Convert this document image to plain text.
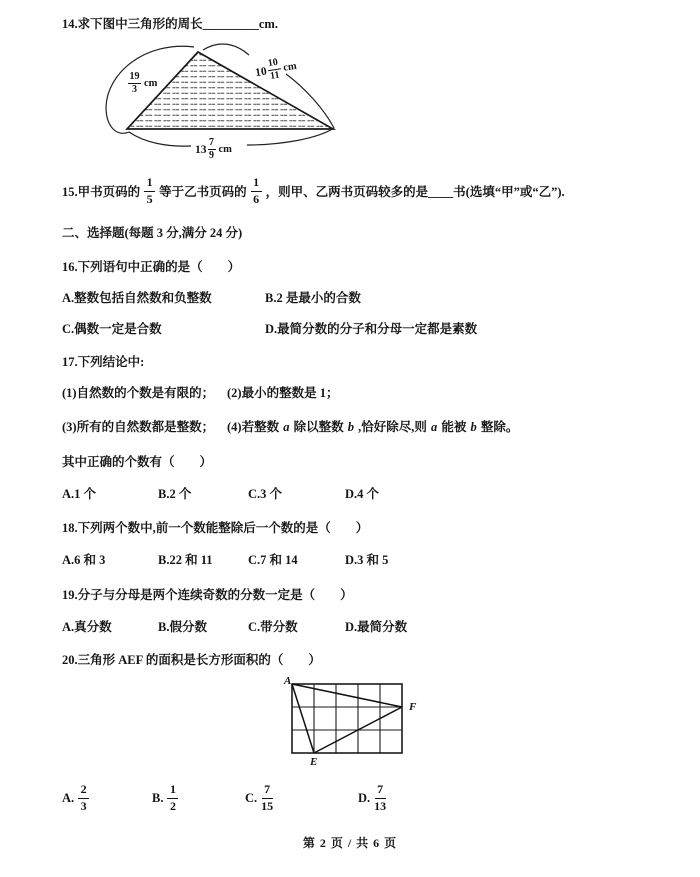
14.求下图中三角形的周长_________cm.
$\frac{19}{3}$ cm
10
$\frac{10}{11}$ cm
$13 \frac{7}{9}$ cm
15.甲书页码的 $\frac{1}{5}$ 等于乙书页码的 $\frac{1}{6}$ ，则甲、乙两书页码较多的是____书(选填“甲”或“乙”).
二、选择题(每题 3 分,满分 24 分)
16.下列语句中正确的是（　　）
A.整数包括自然数和负整数	B.2 是最小的合数
C.偶数一定是合数	D.最简分数的分子和分母一定都是素数
17.下列结论中:
(1)自然数的个数是有限的；	(2)最小的整数是 1；
(3)所有的自然数都是整数；	(4)若整数 a 除以整数 b ,恰好除尽,则 a 能被 b 整除。
其中正确的个数有（　　）
A.1 个	B.2 个	C.3 个	D.4 个
18.下列两个数中,前一个数能整除后一个数的是（　　）
A.6 和 3	B.22 和 11	C.7 和 14	D.3 和 5
19.分子与分母是两个连续奇数的分数一定是（　　）
A.真分数	B.假分数	C.带分数	D.最简分数
20.三角形 AEF 的面积是长方形面积的（　　）
A
F
E
A. $\frac{2}{3}$	B. $\frac{1}{2}$	C. $\frac{7}{15}$	D. $\frac{7}{13}$
第 2 页 / 共 6 页
